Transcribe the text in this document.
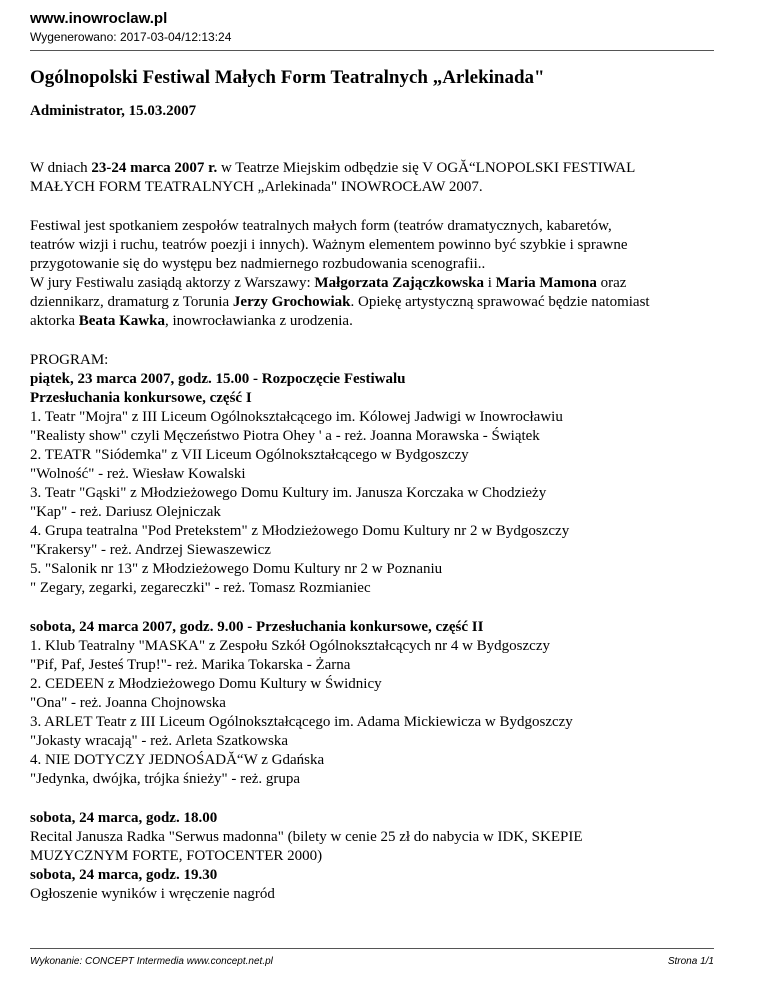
www.inowroclaw.pl
Wygenerowano: 2017-03-04/12:13:24
Ogólnopolski Festiwal Małych Form Teatralnych „Arlekinada"
Administrator, 15.03.2007
W dniach 23-24 marca 2007 r. w Teatrze Miejskim odbędzie się V OGĂ“LNOPOLSKI FESTIWAL
MAŁYCH FORM TEATRALNYCH „Arlekinada" INOWROCŁAW 2007.
Festiwal jest spotkaniem zespołów teatralnych małych form (teatrów dramatycznych, kabaretów,
teatrów wizji i ruchu, teatrów poezji i innych). Ważnym elementem powinno być szybkie i sprawne
przygotowanie się do występu bez nadmiernego rozbudowania scenografii..
W jury Festiwalu zasiądą aktorzy z Warszawy: Małgorzata Zajączkowska i Maria Mamona oraz
dziennikarz, dramaturg z Torunia Jerzy Grochowiak. Opiekę artystyczną sprawować będzie natomiast
aktorka Beata Kawka, inowrocławianka z urodzenia.
PROGRAM:
piątek, 23 marca 2007, godz. 15.00 - Rozpoczęcie Festiwalu
Przesłuchania konkursowe, część I
1. Teatr "Mojra" z III Liceum Ogólnokształcącego im. Kólowej Jadwigi w Inowrocławiu
"Realisty show" czyli Męczeństwo Piotra Ohey ' a - reż. Joanna Morawska - Świątek
2. TEATR "Siódemka" z VII Liceum Ogólnokształcącego w Bydgoszczy
"Wolność" - reż. Wiesław Kowalski
3. Teatr "Gąski" z Młodzieżowego Domu Kultury im. Janusza Korczaka w Chodzieży
"Kap" - reż. Dariusz Olejniczak
4. Grupa teatralna "Pod Pretekstem" z Młodzieżowego Domu Kultury nr 2 w Bydgoszczy
"Krakersy" - reż. Andrzej Siewaszewicz
5. "Salonik nr 13" z Młodzieżowego Domu Kultury nr 2 w Poznaniu
" Zegary, zegarki, zegareczki" - reż. Tomasz Rozmianiec
sobota, 24 marca 2007, godz. 9.00 - Przesłuchania konkursowe, część II
1. Klub Teatralny "MASKA" z Zespołu Szkół Ogólnokształcących nr 4 w Bydgoszczy
"Pif, Paf, Jesteś Trup!"- reż. Marika Tokarska - Żarna
2. CEDEEN z Młodzieżowego Domu Kultury w Świdnicy
"Ona" - reż. Joanna Chojnowska
3. ARLET Teatr z III Liceum Ogólnokształcącego im. Adama Mickiewicza w Bydgoszczy
"Jokasty wracają" - reż. Arleta Szatkowska
4. NIE DOTYCZY JEDNOŚADĂ“W z Gdańska
"Jedynka, dwójka, trójka śnieży" - reż. grupa
sobota, 24 marca, godz. 18.00
Recital Janusza Radka "Serwus madonna" (bilety w cenie 25 zł do nabycia w IDK, SKEPIE
MUZYCZNYM FORTE, FOTOCENTER 2000)
sobota, 24 marca, godz. 19.30
Ogłoszenie wyników i wręczenie nagród
Wykonanie: CONCEPT Intermedia www.concept.net.pl	Strona 1/1
